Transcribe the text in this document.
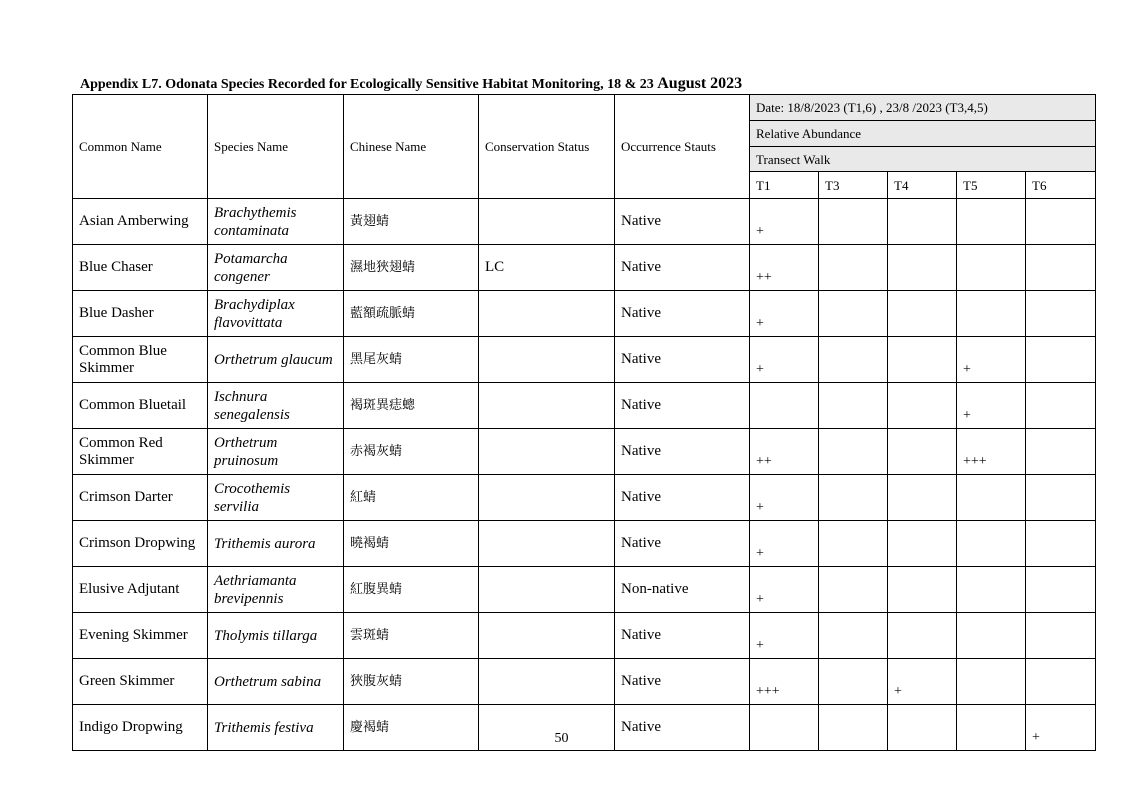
Appendix L7. Odonata Species Recorded for Ecologically Sensitive Habitat Monitoring, 18 & 23 August 2023
Common Name	Species Name	Chinese Name	Conservation Status	Occurrence Stauts	Date: 18/8/2023 (T1,6) , 23/8 /2023 (T3,4,5)				
					Relative Abundance				
					Transect Walk				
					T1	T3	T4	T5	T6
Asian Amberwing	Brachythemis contaminata	黃翅蜻		Native	+				
Blue Chaser	Potamarcha congener	濕地狹翅蜻	LC	Native	++				
Blue Dasher	Brachydiplax flavovittata	藍額疏脈蜻		Native	+				
Common Blue Skimmer	Orthetrum glaucum	黑尾灰蜻		Native	+			+	
Common Bluetail	Ischnura senegalensis	褐斑異痣蟌		Native				+	
Common Red Skimmer	Orthetrum pruinosum	赤褐灰蜻		Native	++			+++	
Crimson Darter	Crocothemis servilia	紅蜻		Native	+				
Crimson Dropwing	Trithemis aurora	曉褐蜻		Native	+				
Elusive Adjutant	Aethriamanta brevipennis	紅腹異蜻		Non-native	+				
Evening Skimmer	Tholymis tillarga	雲斑蜻		Native	+				
Green Skimmer	Orthetrum sabina	狹腹灰蜻		Native	+++		+		
Indigo Dropwing	Trithemis festiva	慶褐蜻		Native					+
50
